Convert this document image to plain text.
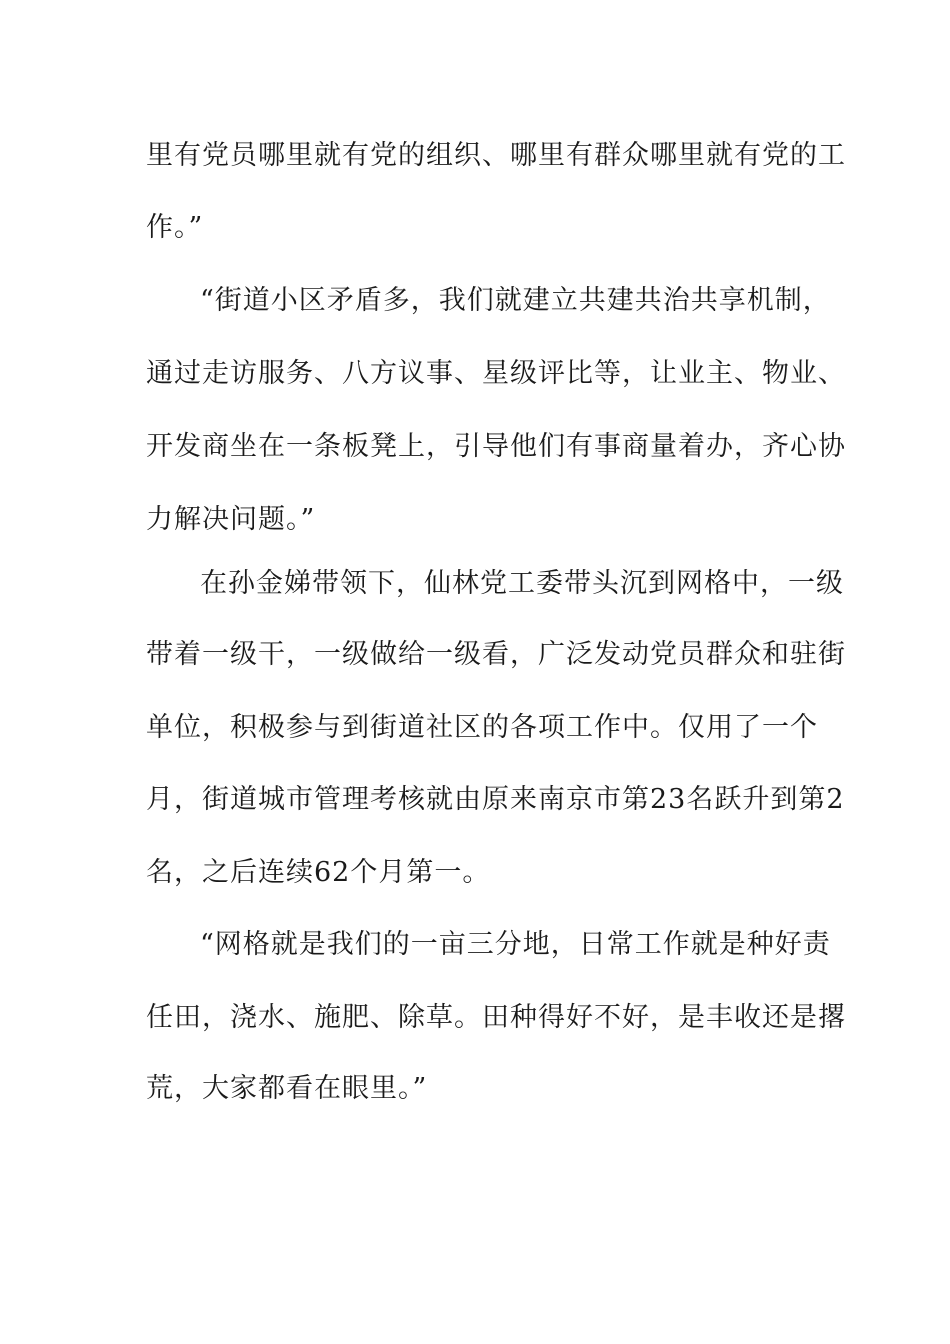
里有党员哪里就有党的组织、哪里有群众哪里就有党的工
作。”
“街道小区矛盾多，我们就建立共建共治共享机制，
通过走访服务、八方议事、星级评比等，让业主、物业、
开发商坐在一条板凳上，引导他们有事商量着办，齐心协
力解决问题。”
在孙金娣带领下，仙林党工委带头沉到网格中，一级
带着一级干，一级做给一级看，广泛发动党员群众和驻街
单位，积极参与到街道社区的各项工作中。仅用了一个
月，街道城市管理考核就由原来南京市第23名跃升到第2
名，之后连续62个月第一。
“网格就是我们的一亩三分地，日常工作就是种好责
任田，浇水、施肥、除草。田种得好不好，是丰收还是撂
荒，大家都看在眼里。”
